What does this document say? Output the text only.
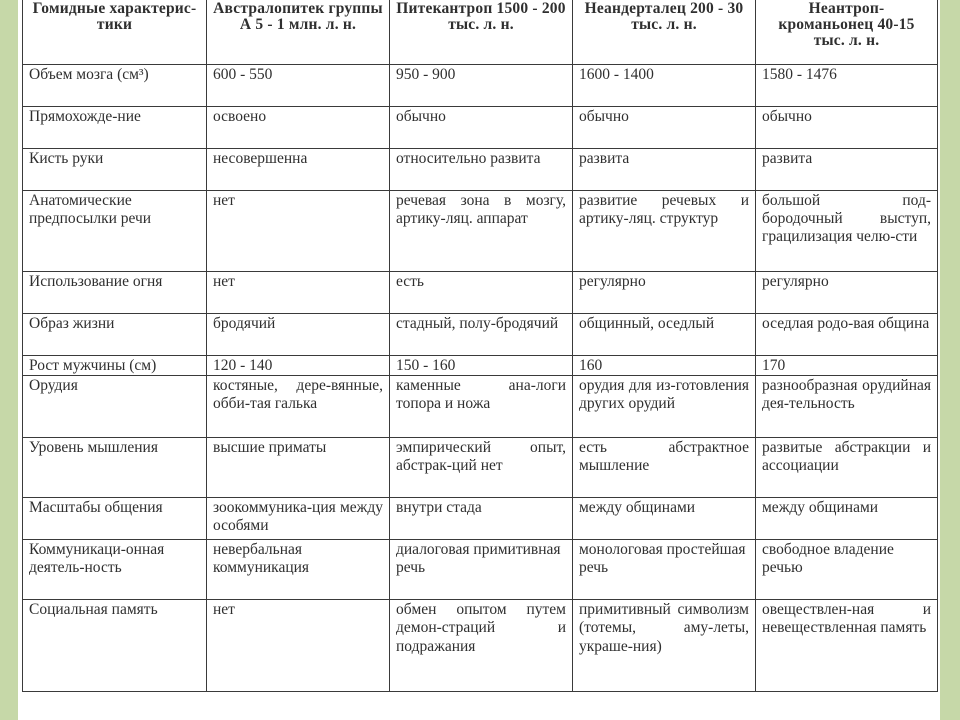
Гомидные характерис-тики	Австралопитек группы А 5 - 1 млн. л. н.	Питекантроп 1500 - 200 тыс. л. н.	Неандерталец 200 - 30 тыс. л. н.	Неантроп-кроманьонец 40-15 тыс. л. н.
Объем мозга (см³)	600 - 550	950 - 900	1600 - 1400	1580 - 1476
Прямохожде-ние	освоено	обычно	обычно	обычно
Кисть руки	несовершенна	относительно развита	развита	развита
Анатомические предпосылки речи	нет	речевая зона в мозгу, артику-ляц. аппарат	развитие речевых и артику-ляц. структур	большой под-бородочный выступ, грацилизация челю-сти
Использование огня	нет	есть	регулярно	регулярно
Образ жизни	бродячий	стадный, полу-бродячий	общинный, оседлый	оседлая родо-вая община
Рост мужчины (см)	120 - 140	150 - 160	160	170
Орудия	костяные, дере-вянные, обби-тая галька	каменные ана-логи топора и ножа	орудия для из-готовления других орудий	разнообразная орудийная дея-тельность
Уровень мышления	высшие приматы	эмпирический опыт, абстрак-ций нет	есть абстрактное мышление	развитые абстракции и ассоциации
Масштабы общения	зоокоммуника-ция между особями	внутри стада	между общинами	между общинами
Коммуникаци-онная деятель-ность	невербальная коммуникация	диалоговая примитивная речь	монологовая простейшая речь	свободное владение речью
Социальная память	нет	обмен опытом путем демон-страций и подражания	примитивный символизм (тотемы, аму-леты, украше-ния)	овеществлен-ная и невеществленная память
